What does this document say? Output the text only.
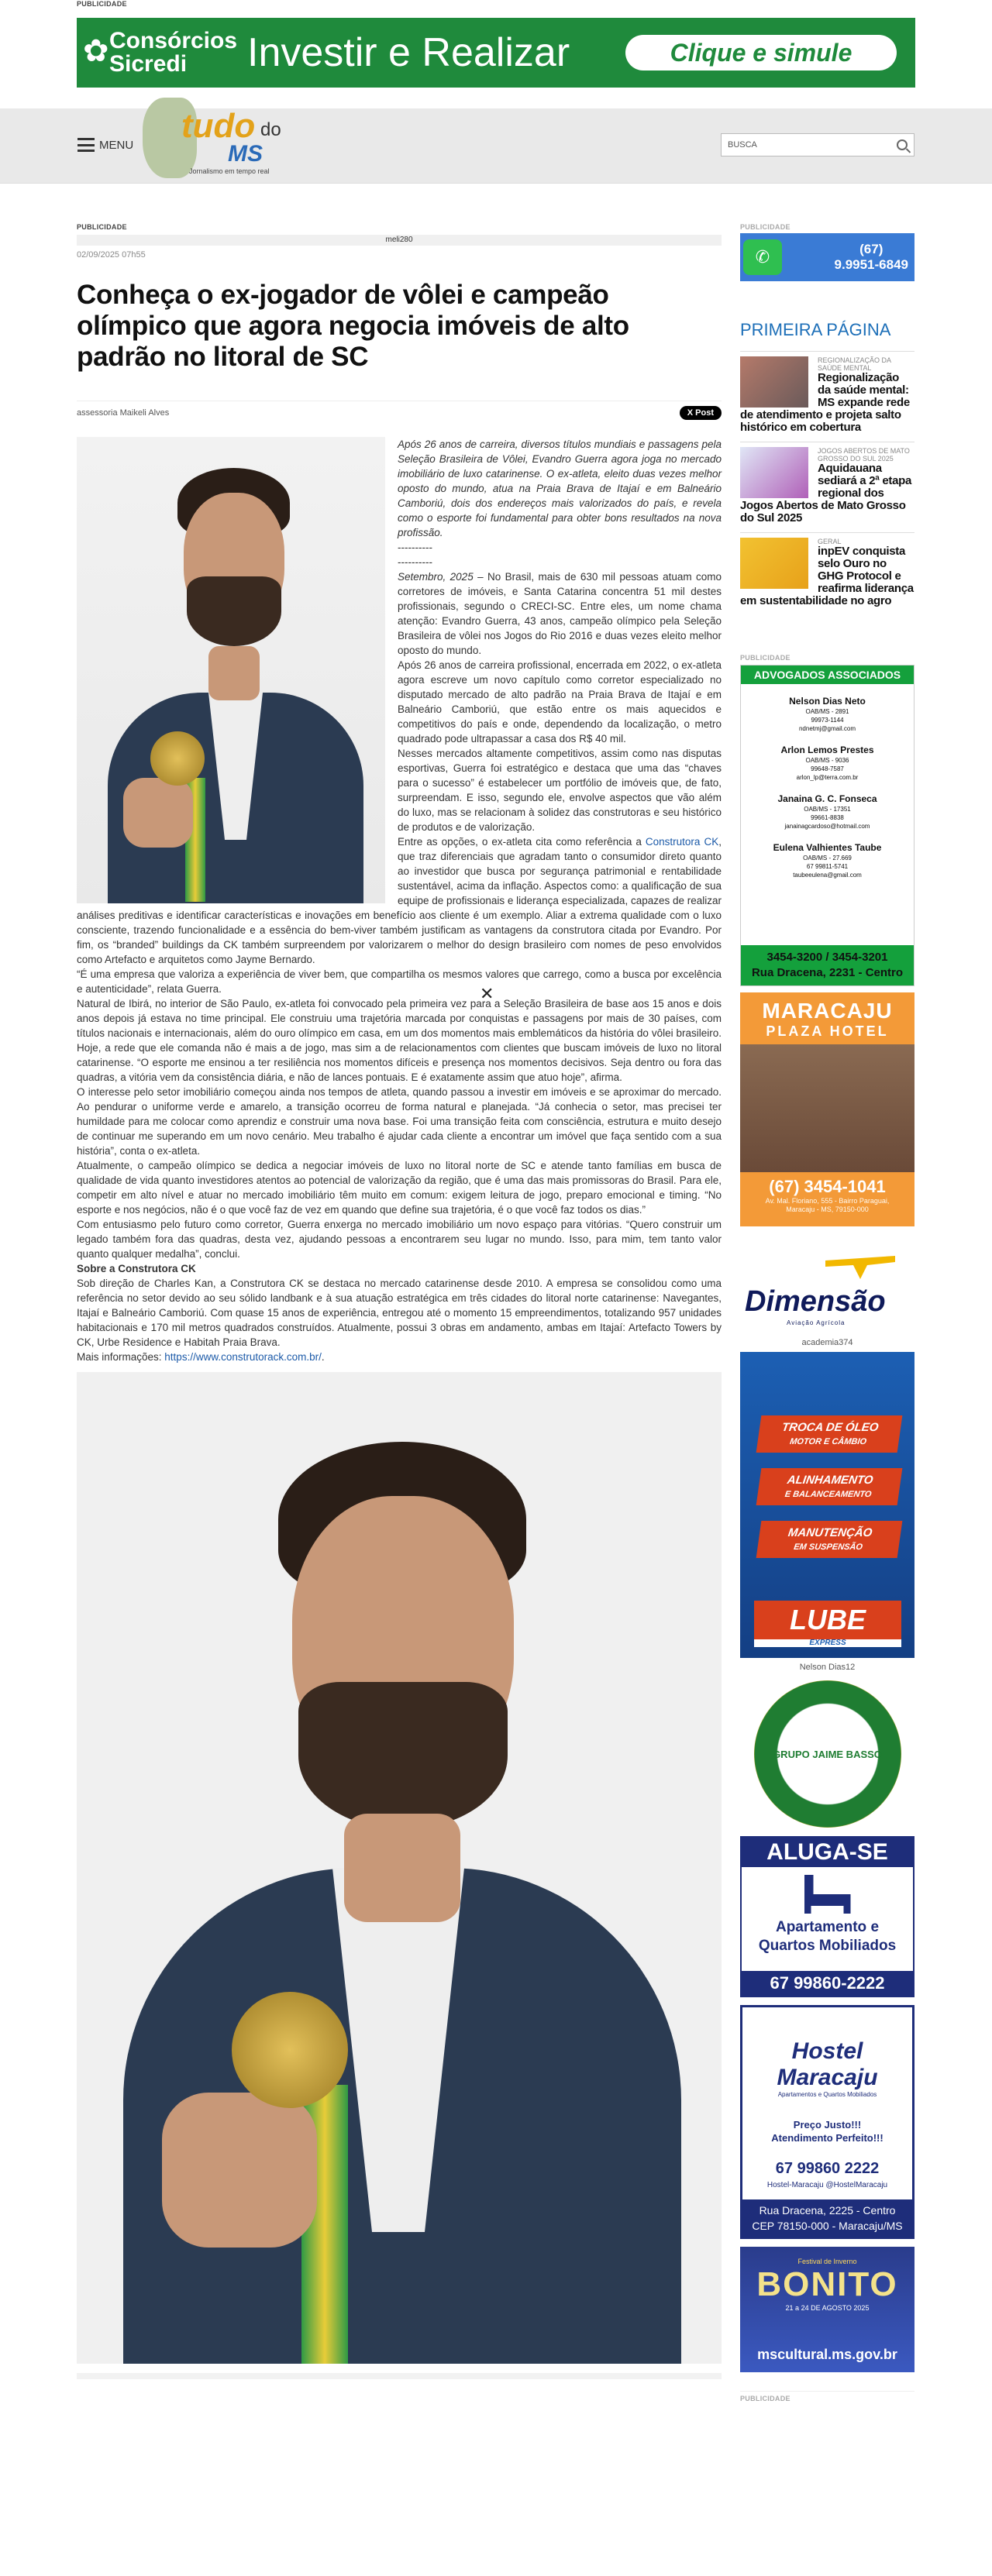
PUBLICIDADE
✿ Consórcios
Sicredi	Investir e Realizar	Clique e simule
MENU tudo do
MS
Jornalismo em tempo real
BUSCA
PUBLICIDADE
meli280
02/09/2025 07h55
Conheça o ex-jogador de vôlei e campeão olímpico que agora negocia imóveis de alto padrão no litoral de SC
assessoria Maikeli Alves	X Post

Após 26 anos de carreira, diversos títulos mundiais e passagens pela Seleção Brasileira de Vôlei, Evandro Guerra agora joga no mercado imobiliário de luxo catarinense. O ex-atleta, eleito duas vezes melhor oposto do mundo, atua na Praia Brava de Itajaí e em Balneário Camboriú, dois dos endereços mais valorizados do país, e revela como o esporte foi fundamental para obter bons resultados na nova profissão.

----------

----------

Setembro, 2025 – No Brasil, mais de 630 mil pessoas atuam como corretores de imóveis, e Santa Catarina concentra 51 mil destes profissionais, segundo o CRECI-SC. Entre eles, um nome chama atenção: Evandro Guerra, 43 anos, campeão olímpico pela Seleção Brasileira de vôlei nos Jogos do Rio 2016 e duas vezes eleito melhor oposto do mundo.

Após 26 anos de carreira profissional, encerrada em 2022, o ex-atleta agora escreve um novo capítulo como corretor especializado no disputado mercado de alto padrão na Praia Brava de Itajaí e em Balneário Camboriú, que estão entre os mais aquecidos e competitivos do país e onde, dependendo da localização, o metro quadrado pode ultrapassar a casa dos R$ 40 mil.

Nesses mercados altamente competitivos, assim como nas disputas esportivas, Guerra foi estratégico e destaca que uma das “chaves para o sucesso” é estabelecer um portfólio de imóveis que, de fato, surpreendam. E isso, segundo ele, envolve aspectos que vão além do luxo, mas se relacionam à solidez das construtoras e seu histórico de produtos e de valorização.

Entre as opções, o ex-atleta cita como referência a Construtora CK, que traz diferenciais que agradam tanto o consumidor direto quanto ao investidor que busca por segurança patrimonial e rentabilidade sustentável, acima da inflação. Aspectos como: a qualificação de sua equipe de profissionais e liderança especializada, capazes de realizar análises preditivas e identificar características e inovações em benefício aos cliente é um exemplo. Aliar a extrema qualidade com o luxo consciente, trazendo funcionalidade e a essência do bem-viver também justificam as vantagens da construtora citada por Evandro. Por fim, os “branded” buildings da CK também surpreendem por valorizarem o melhor do design brasileiro com nomes de peso envolvidos como Artefacto e arquitetos como Jayme Bernardo.

“É uma empresa que valoriza a experiência de viver bem, que compartilha os mesmos valores que carrego, como a busca por excelência e autenticidade”, relata Guerra.

Natural de Ibirá, no interior de São Paulo, ex-atleta foi convocado pela primeira vez para a Seleção Brasileira de base aos 15 anos e dois anos depois já estava no time principal. Ele construiu uma trajetória marcada por conquistas e passagens por mais de 30 países, com títulos nacionais e internacionais, além do ouro olímpico em casa, em um dos momentos mais emblemáticos da história do vôlei brasileiro. Hoje, a rede que ele comanda não é mais a de jogo, mas sim a de relacionamentos com clientes que buscam imóveis de luxo no litoral catarinense. “O esporte me ensinou a ter resiliência nos momentos difíceis e presença nos momentos decisivos. Seja dentro ou fora das quadras, a vitória vem da consistência diária, e não de lances pontuais. E é exatamente assim que atuo hoje”, afirma.

O interesse pelo setor imobiliário começou ainda nos tempos de atleta, quando passou a investir em imóveis e se aproximar do mercado. Ao pendurar o uniforme verde e amarelo, a transição ocorreu de forma natural e planejada. “Já conhecia o setor, mas precisei ter humildade para me colocar como aprendiz e construir uma nova base. Foi uma transição feita com consciência, estrutura e muito desejo de continuar me superando em um novo cenário. Meu trabalho é ajudar cada cliente a encontrar um imóvel que faça sentido com a sua história”, conta o ex-atleta.

Atualmente, o campeão olímpico se dedica a negociar imóveis de luxo no litoral norte de SC e atende tanto famílias em busca de qualidade de vida quanto investidores atentos ao potencial de valorização da região, que é uma das mais promissoras do Brasil. Para ele, competir em alto nível e atuar no mercado imobiliário têm muito em comum: exigem leitura de jogo, preparo emocional e timing. “No esporte e nos negócios, não é o que você faz de vez em quando que define sua trajetória, é o que você faz todos os dias.”

Com entusiasmo pelo futuro como corretor, Guerra enxerga no mercado imobiliário um novo espaço para vitórias. “Quero construir um legado também fora das quadras, desta vez, ajudando pessoas a encontrarem seu lugar no mundo. Isso, para mim, tem tanto valor quanto qualquer medalha”, conclui.

Sobre a Construtora CK

Sob direção de Charles Kan, a Construtora CK se destaca no mercado catarinense desde 2010. A empresa se consolidou como uma referência no setor devido ao seu sólido landbank e à sua atuação estratégica em três cidades do litoral norte catarinense: Navegantes, Itajaí e Balneário Camboriú. Com quase 15 anos de experiência, entregou até o momento 15 empreendimentos, totalizando 957 unidades habitacionais e 170 mil metros quadrados construídos. Atualmente, possui 3 obras em andamento, ambas em Itajaí: Artefacto Towers by CK, Urbe Residence e Habitah Praia Brava.

Mais informações: https://www.construtorack.com.br/.

✕
PUBLICIDADE
✆	(67)
9.9951-6849
PRIMEIRA PÁGINA
REGIONALIZAÇÃO DA SAÚDE MENTAL
Regionalização da saúde mental: MS expande rede de atendimento e projeta salto histórico em cobertura
JOGOS ABERTOS DE MATO GROSSO DO SUL 2025
Aquidauana sediará a 2ª etapa regional dos Jogos Abertos de Mato Grosso do Sul 2025
GERAL
inpEV conquista selo Ouro no GHG Protocol e reafirma liderança em sustentabilidade no agro
PUBLICIDADE
ADVOGADOS ASSOCIADOS
Nelson Dias Neto
OAB/MS - 2891
99973-1144
ndnetmj@gmail.com
Arlon Lemos Prestes
OAB/MS - 9036
99648-7587
arlon_lp@terra.com.br
Janaina G. C. Fonseca
OAB/MS - 17351
99661-8838
janainagcardoso@hotmail.com
Eulena Valhientes Taube
OAB/MS - 27.669
67 99811-5741
taubeeulena@gmail.com
3454-3200 / 3454-3201
Rua Dracena, 2231 - Centro
MARACAJU
PLAZA HOTEL
(67) 3454-1041
Av. Mal. Floriano, 555 - Bairro Paraguai,
Maracaju - MS, 79150-000
Dimensão
Aviação Agrícola
academia374
TROCA DE ÓLEO
MOTOR E CÂMBIO
ALINHAMENTO
E BALANCEAMENTO
MANUTENÇÃO
EM SUSPENSÃO
LUBE
EXPRESS
Nelson Dias12
GRUPO JAIME BASSO
ALUGA-SE
Apartamento e
Quartos Mobiliados
67 99860-2222
Hostel Maracaju
Apartamentos e Quartos Mobiliados
Preço Justo!!!
Atendimento Perfeito!!!
67 99860 2222
Hostel-Maracaju @HostelMaracaju
Rua Dracena, 2225 - Centro
CEP 78150-000 - Maracaju/MS
Festival de Inverno
BONITO
21 a 24 DE AGOSTO 2025
mscultural.ms.gov.br
PUBLICIDADE
